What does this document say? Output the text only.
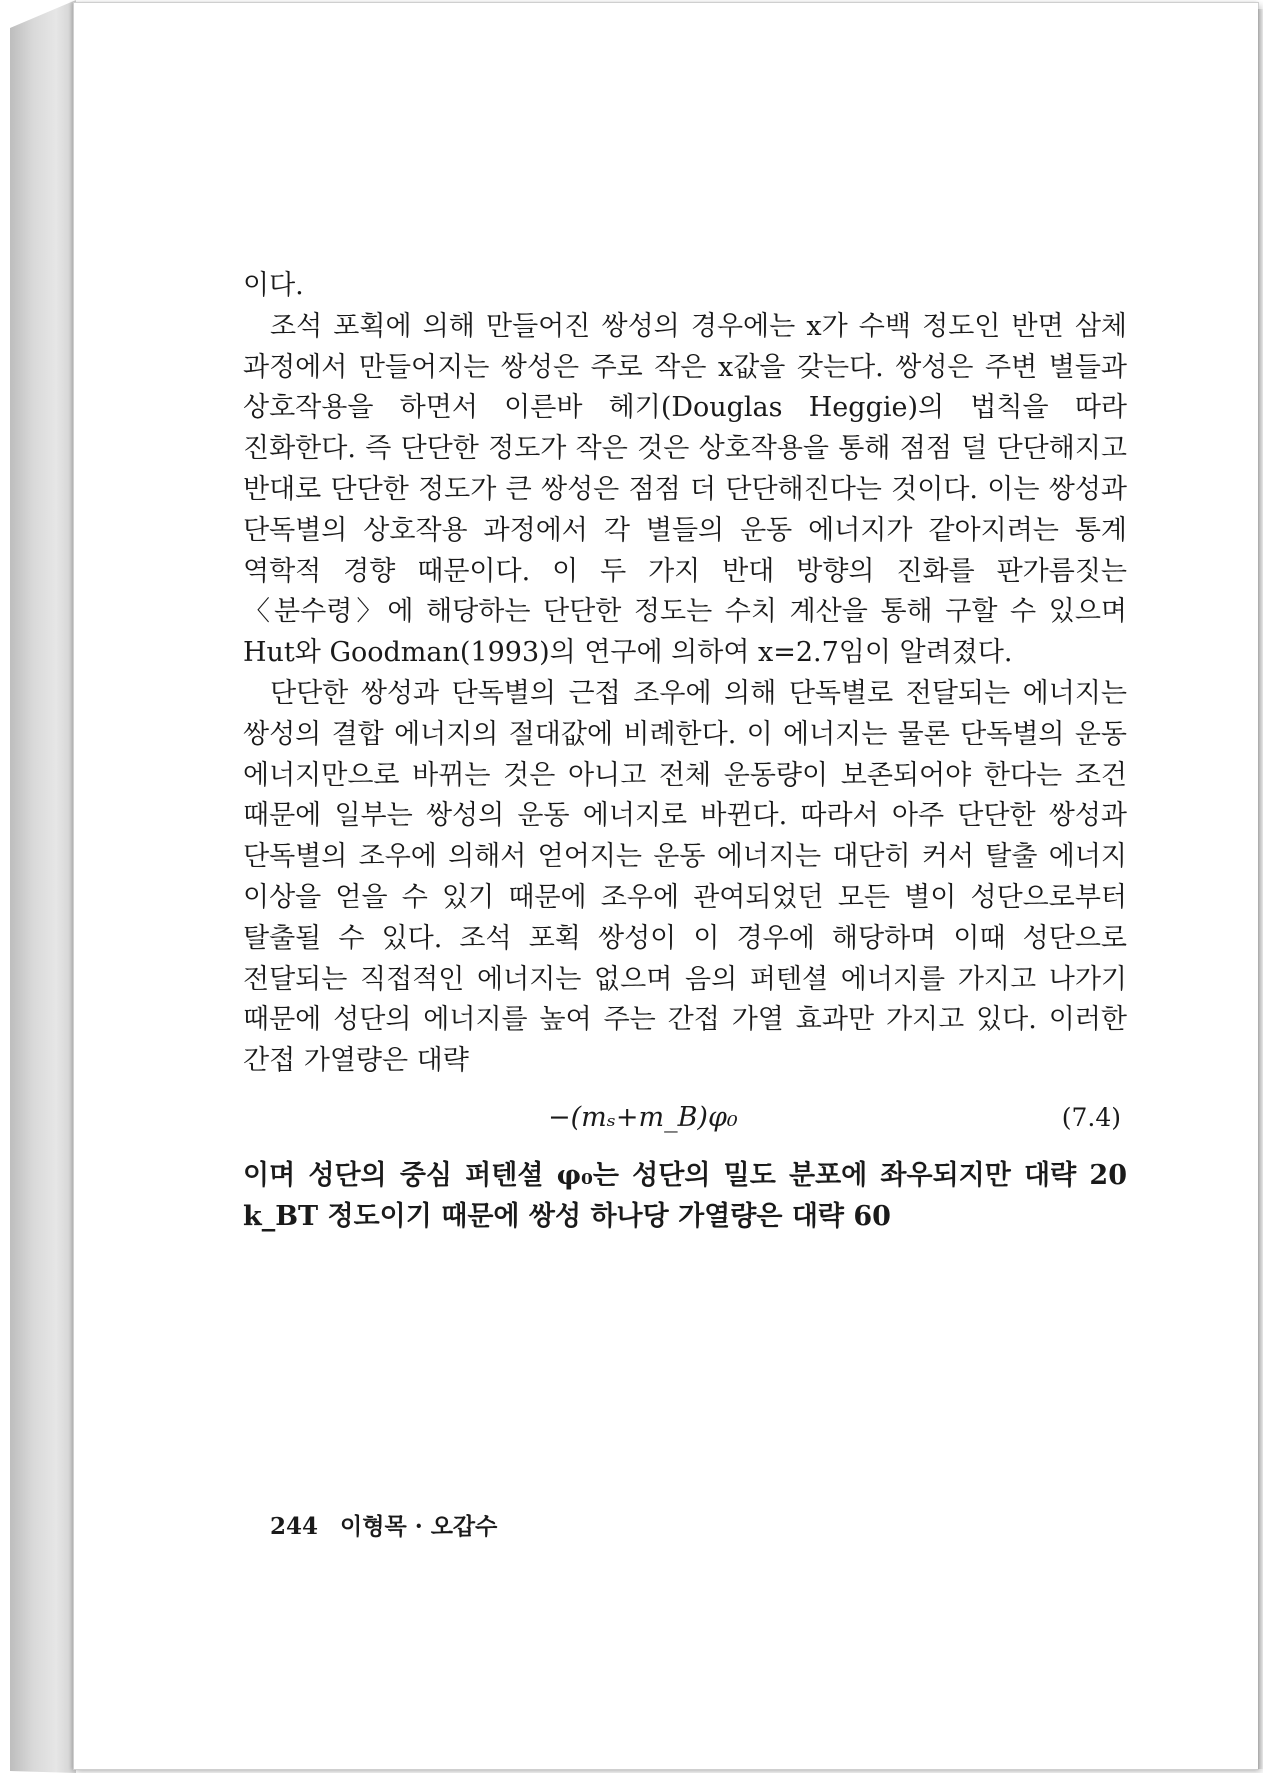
이다.

조석 포획에 의해 만들어진 쌍성의 경우에는 x가 수백 정도인 반면 삼체 과정에서 만들어지는 쌍성은 주로 작은 x값을 갖는다. 쌍성은 주변 별들과 상호작용을 하면서 이른바 헤기(Douglas Heggie)의 법칙을 따라 진화한다. 즉 단단한 정도가 작은 것은 상호작용을 통해 점점 덜 단단해지고 반대로 단단한 정도가 큰 쌍성은 점점 더 단단해진다는 것이다. 이는 쌍성과 단독별의 상호작용 과정에서 각 별들의 운동 에너지가 같아지려는 통계 역학적 경향 때문이다. 이 두 가지 반대 방향의 진화를 판가름짓는 〈분수령〉에 해당하는 단단한 정도는 수치 계산을 통해 구할 수 있으며 Hut와 Goodman(1993)의 연구에 의하여 x=2.7임이 알려졌다.

단단한 쌍성과 단독별의 근접 조우에 의해 단독별로 전달되는 에너지는 쌍성의 결합 에너지의 절대값에 비례한다. 이 에너지는 물론 단독별의 운동 에너지만으로 바뀌는 것은 아니고 전체 운동량이 보존되어야 한다는 조건 때문에 일부는 쌍성의 운동 에너지로 바뀐다. 따라서 아주 단단한 쌍성과 단독별의 조우에 의해서 얻어지는 운동 에너지는 대단히 커서 탈출 에너지 이상을 얻을 수 있기 때문에 조우에 관여되었던 모든 별이 성단으로부터 탈출될 수 있다. 조석 포획 쌍성이 이 경우에 해당하며 이때 성단으로 전달되는 직접적인 에너지는 없으며 음의 퍼텐셜 에너지를 가지고 나가기 때문에 성단의 에너지를 높여 주는 간접 가열 효과만 가지고 있다. 이러한 간접 가열량은 대략

−(mₛ+m_B)φ₀	(7.4)

이며 성단의 중심 퍼텐셜 φ₀는 성단의 밀도 분포에 좌우되지만 대략 20 k_BT 정도이기 때문에 쌍성 하나당 가열량은 대략 60

244 이형목 · 오갑수
